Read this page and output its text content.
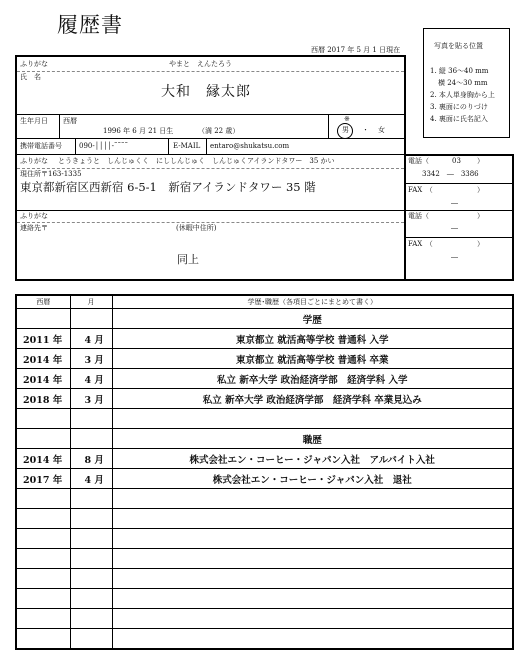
履歴書
西暦 2017 年 5 月 1 日現在	写真を貼る位置
1. 縦 36〜40 mm
横 24〜30 mm
2. 本人単身胸から上
3. 裏面にのりづけ
4. 裏面に氏名記入
ふりがな	やまと　えんたろう
氏　名
大和　縁太郎
生年月日 西暦
1996 年 6 月 21 日生	（満 22 歳）
※
男 ・ 女
携帯電話番号 090-││││-˜˜˜˜	E-MAIL entaro@shukatsu.com
ふりがな とうきょうと　しんじゅくく　にししんじゅく　しんじゅくアイランドタワー　35 かい
現住所〒163-1335
東京都新宿区西新宿 6-5-1　新宿アイランドタワー 35 階
電話（	03 ）
3342　―　3386
FAX　（	）
―
ふりがな
連絡先〒	(休暇中住所)
同上
電話（	）
―
FAX　（	）
―
西暦	月	学歴･職歴（各項目ごとにまとめて書く）
		学歴
2011 年	4 月	東京都立 就活高等学校 普通科 入学
2014 年	3 月	東京都立 就活高等学校 普通科 卒業
2014 年	4 月	私立 新卒大学 政治経済学部　経済学科 入学
2018 年	3 月	私立 新卒大学 政治経済学部　経済学科 卒業見込み

		職歴
2014 年	8 月	株式会社エン・コーヒー・ジャパン入社　アルバイト入社
2017 年	4 月	株式会社エン・コーヒー・ジャパン入社　退社
